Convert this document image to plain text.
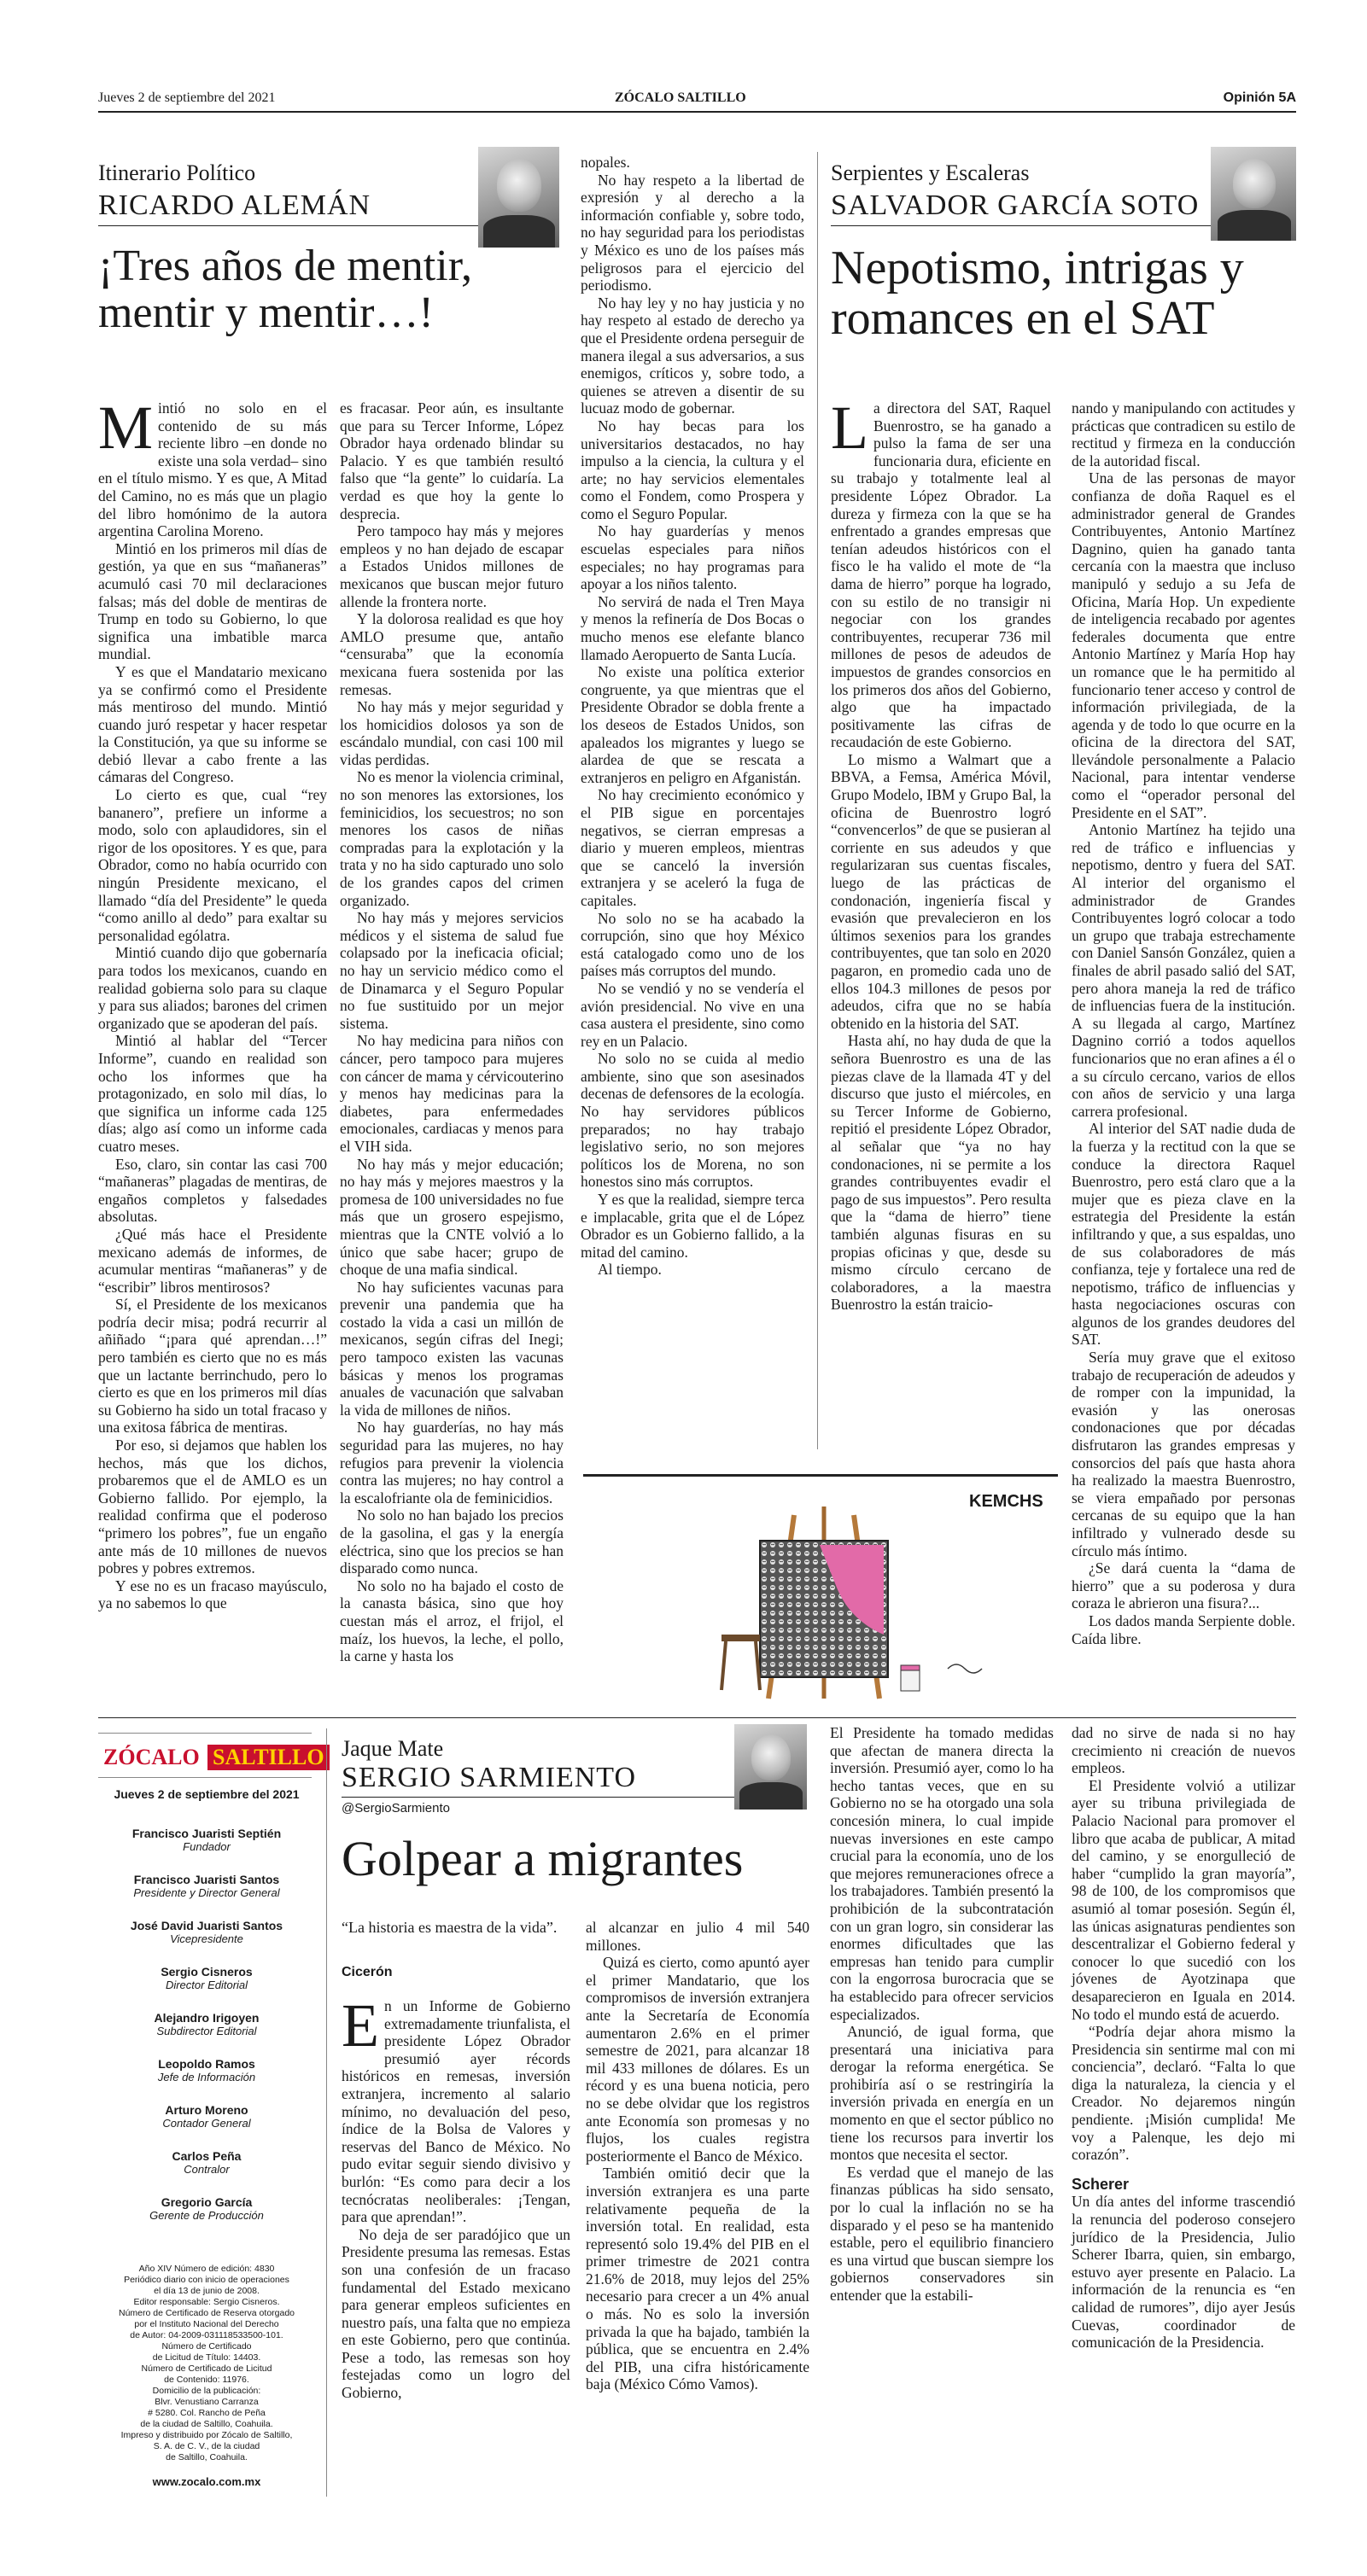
Jueves 2 de septiembre del 2021	ZÓCALO SALTILLO	Opinión 5A
Itinerario Político
RICARDO ALEMÁN
¡Tres años de mentir, mentir y mentir…!
M intió no solo en el contenido de su más reciente libro –en donde no existe una sola verdad– sino en el título mismo. Y es que, A Mitad del Camino, no es más que un plagio del libro homónimo de la autora argentina Carolina Moreno.

Mintió en los primeros mil días de gestión, ya que en sus “mañaneras” acumuló casi 70 mil declaraciones falsas; más del doble de mentiras de Trump en todo su Gobierno, lo que significa una imbatible marca mundial.

Y es que el Mandatario mexicano ya se confirmó como el Presidente más mentiroso del mundo. Mintió cuando juró respetar y hacer respetar la Constitución, ya que su informe se debió llevar a cabo frente a las cámaras del Congreso.

Lo cierto es que, cual “rey bananero”, prefiere un informe a modo, solo con aplaudidores, sin el rigor de los opositores. Y es que, para Obrador, como no había ocurrido con ningún Presidente mexicano, el llamado “día del Presidente” le queda “como anillo al dedo” para exaltar su personalidad ególatra.

Mintió cuando dijo que gobernaría para todos los mexicanos, cuando en realidad gobierna solo para su claque y para sus aliados; barones del crimen organizado que se apoderan del país.

Mintió al hablar del “Tercer Informe”, cuando en realidad son ocho los informes que ha protagonizado, en solo mil días, lo que significa un informe cada 125 días; algo así como un informe cada cuatro meses.

Eso, claro, sin contar las casi 700 “mañaneras” plagadas de mentiras, de engaños completos y falsedades absolutas.

¿Qué más hace el Presidente mexicano además de informes, de acumular mentiras “mañaneras” y de “escribir” libros mentirosos?

Sí, el Presidente de los mexicanos podría decir misa; podrá recurrir al añiñado “¡para qué aprendan…!” pero también es cierto que no es más que un lactante berrinchudo, pero lo cierto es que en los primeros mil días su Gobierno ha sido un total fracaso y una exitosa fábrica de mentiras.

Por eso, si dejamos que hablen los hechos, más que los dichos, probaremos que el de AMLO es un Gobierno fallido. Por ejemplo, la realidad confirma que el poderoso “primero los pobres”, fue un engaño ante más de 10 millones de nuevos pobres y pobres extremos.

Y ese no es un fracaso mayúsculo, ya no sabemos lo que

es fracasar. Peor aún, es insultante que para su Tercer Informe, López Obrador haya ordenado blindar su Palacio. Y es que también resultó falso que “la gente” lo cuidaría. La verdad es que hoy la gente lo desprecia.

Pero tampoco hay más y mejores empleos y no han dejado de escapar a Estados Unidos millones de mexicanos que buscan mejor futuro allende la frontera norte.

Y la dolorosa realidad es que hoy AMLO presume que, antaño “censuraba” que la economía mexicana fuera sostenida por las remesas.

No hay más y mejor seguridad y los homicidios dolosos ya son de escándalo mundial, con casi 100 mil vidas perdidas.

No es menor la violencia criminal, no son menores las extorsiones, los feminicidios, los secuestros; no son menores los casos de niñas compradas para la explotación y la trata y no ha sido capturado uno solo de los grandes capos del crimen organizado.

No hay más y mejores servicios médicos y el sistema de salud fue colapsado por la ineficacia oficial; no hay un servicio médico como el de Dinamarca y el Seguro Popular no fue sustituido por un mejor sistema.

No hay medicina para niños con cáncer, pero tampoco para mujeres con cáncer de mama y cérvicouterino y menos hay medicinas para la diabetes, para enfermedades emocionales, cardiacas y menos para el VIH sida.

No hay más y mejor educación; no hay más y mejores maestros y la promesa de 100 universidades no fue más que un grosero espejismo, mientras que la CNTE volvió a lo único que sabe hacer; grupo de choque de una mafia sindical.

No hay suficientes vacunas para prevenir una pandemia que ha costado la vida a casi un millón de mexicanos, según cifras del Inegi; pero tampoco existen las vacunas básicas y menos los programas anuales de vacunación que salvaban la vida de millones de niños.

No hay guarderías, no hay más seguridad para las mujeres, no hay refugios para prevenir la violencia contra las mujeres; no hay control a la escalofriante ola de feminicidios.

No solo no han bajado los precios de la gasolina, el gas y la energía eléctrica, sino que los precios se han disparado como nunca.

No solo no ha bajado el costo de la canasta básica, sino que hoy cuestan más el arroz, el frijol, el maíz, los huevos, la leche, el pollo, la carne y hasta los

nopales.

No hay respeto a la libertad de expresión y al derecho a la información confiable y, sobre todo, no hay seguridad para los periodistas y México es uno de los países más peligrosos para el ejercicio del periodismo.

No hay ley y no hay justicia y no hay respeto al estado de derecho ya que el Presidente ordena perseguir de manera ilegal a sus adversarios, a sus enemigos, críticos y, sobre todo, a quienes se atreven a disentir de su lucuaz modo de gobernar.

No hay becas para los universitarios destacados, no hay impulso a la ciencia, la cultura y el arte; no hay servicios elementales como el Fondem, como Prospera y como el Seguro Popular.

No hay guarderías y menos escuelas especiales para niños especiales; no hay programas para apoyar a los niños talento.

No servirá de nada el Tren Maya y menos la refinería de Dos Bocas o mucho menos ese elefante blanco llamado Aeropuerto de Santa Lucía.

No existe una política exterior congruente, ya que mientras que el Presidente Obrador se dobla frente a los deseos de Estados Unidos, son apaleados los migrantes y luego se alardea de que se rescata a extranjeros en peligro en Afganistán.

No hay crecimiento económico y el PIB sigue en porcentajes negativos, se cierran empresas a diario y mueren empleos, mientras que se canceló la inversión extranjera y se aceleró la fuga de capitales.

No solo no se ha acabado la corrupción, sino que hoy México está catalogado como uno de los países más corruptos del mundo.

No se vendió y no se vendería el avión presidencial. No vive en una casa austera el presidente, sino como rey en un Palacio.

No solo no se cuida al medio ambiente, sino que son asesinados decenas de defensores de la ecología. No hay servidores públicos preparados; no hay trabajo legislativo serio, no son mejores políticos los de Morena, no son honestos sino más corruptos.

Y es que la realidad, siempre terca e implacable, grita que el de López Obrador es un Gobierno fallido, a la mitad del camino.

Al tiempo.

Serpientes y Escaleras
SALVADOR GARCÍA SOTO
Nepotismo, intrigas y romances en el SAT
L a directora del SAT, Raquel Buenrostro, se ha ganado a pulso la fama de ser una funcionaria dura, eficiente en su trabajo y totalmente leal al presidente López Obrador. La dureza y firmeza con la que se ha enfrentado a grandes empresas que tenían adeudos históricos con el fisco le ha valido el mote de “la dama de hierro” porque ha logrado, con su estilo de no transigir ni negociar con los grandes contribuyentes, recuperar 736 mil millones de pesos de adeudos de impuestos de grandes consorcios en los primeros dos años del Gobierno, algo que ha impactado positivamente las cifras de recaudación de este Gobierno.

Lo mismo a Walmart que a BBVA, a Femsa, América Móvil, Grupo Modelo, IBM y Grupo Bal, la oficina de Buenrostro logró “convencerlos” de que se pusieran al corriente en sus adeudos y que regularizaran sus cuentas fiscales, luego de las prácticas de condonación, ingeniería fiscal y evasión que prevalecieron en los últimos sexenios para los grandes contribuyentes, que tan solo en 2020 pagaron, en promedio cada uno de ellos 104.3 millones de pesos por adeudos, cifra que no se había obtenido en la historia del SAT.

Hasta ahí, no hay duda de que la señora Buenrostro es una de las piezas clave de la llamada 4T y del discurso que justo el miércoles, en su Tercer Informe de Gobierno, repitió el presidente López Obrador, al señalar que “ya no hay condonaciones, ni se permite a los grandes contribuyentes evadir el pago de sus impuestos”. Pero resulta que la “dama de hierro” tiene también algunas fisuras en su propias oficinas y que, desde su mismo círculo cercano de colaboradores, a la maestra Buenrostro la están traicio-

nando y manipulando con actitudes y prácticas que contradicen su estilo de rectitud y firmeza en la conducción de la autoridad fiscal.

Una de las personas de mayor confianza de doña Raquel es el administrador general de Grandes Contribuyentes, Antonio Martínez Dagnino, quien ha ganado tanta cercanía con la maestra que incluso manipuló y sedujo a su Jefa de Oficina, María Hop. Un expediente de inteligencia recabado por agentes federales documenta que entre Antonio Martínez y María Hop hay un romance que le ha permitido al funcionario tener acceso y control de información privilegiada, de la agenda y de todo lo que ocurre en la oficina de la directora del SAT, llevándole personalmente a Palacio Nacional, para intentar venderse como el “operador personal del Presidente en el SAT”.

Antonio Martínez ha tejido una red de tráfico e influencias y nepotismo, dentro y fuera del SAT. Al interior del organismo el administrador de Grandes Contribuyentes logró colocar a todo un grupo que trabaja estrechamente con Daniel Sansón González, quien a finales de abril pasado salió del SAT, pero ahora maneja la red de tráfico de influencias fuera de la institución. A su llegada al cargo, Martínez Dagnino corrió a todos aquellos funcionarios que no eran afines a él o a su círculo cercano, varios de ellos con años de servicio y una larga carrera profesional.

Al interior del SAT nadie duda de la fuerza y la rectitud con la que se conduce la directora Raquel Buenrostro, pero está claro que a la mujer que es pieza clave en la estrategia del Presidente la están infiltrando y que, a sus espaldas, uno de sus colaboradores de más confianza, teje y fortalece una red de nepotismo, tráfico de influencias y hasta negociaciones oscuras con algunos de los grandes deudores del SAT.

Sería muy grave que el exitoso trabajo de recuperación de adeudos y de romper con la impunidad, la evasión y las onerosas condonaciones que por décadas disfrutaron las grandes empresas y consorcios del país que hasta ahora ha realizado la maestra Buenrostro, se viera empañado por personas cercanas de su equipo que la han infiltrado y vulnerado desde su círculo más íntimo.

¿Se dará cuenta la “dama de hierro” que a su poderosa y dura coraza le abrieron una fisura?...

Los dados manda Serpiente doble. Caída libre.

KEMCHS
ZÓCALO SALTILLO
Jueves 2 de septiembre del 2021
Francisco Juaristi Septién
Fundador
Francisco Juaristi Santos
Presidente y Director General
José David Juaristi Santos
Vicepresidente
Sergio Cisneros
Director Editorial
Alejandro Irigoyen
Subdirector Editorial
Leopoldo Ramos
Jefe de Información
Arturo Moreno
Contador General
Carlos Peña
Contralor
Gregorio García
Gerente de Producción
Año XIV Número de edición: 4830
Periódico diario con inicio de operaciones
el día 13 de junio de 2008.
Editor responsable: Sergio Cisneros.
Número de Certificado de Reserva otorgado
por el Instituto Nacional del Derecho
de Autor: 04-2009-031118533500-101.
Número de Certificado
de Licitud de Título: 14403.
Número de Certificado de Licitud
de Contenido: 11976.
Domicilio de la publicación:
Blvr. Venustiano Carranza
# 5280. Col. Rancho de Peña
de la ciudad de Saltillo, Coahuila.
Impreso y distribuido por Zócalo de Saltillo,
S. A. de C. V., de la ciudad
de Saltillo, Coahuila.
www.zocalo.com.mx
Jaque Mate
SERGIO SARMIENTO
@SergioSarmiento
Golpear a migrantes

“La historia es maestra de la vida”.

Cicerón
E n un Informe de Gobierno extremadamente triunfalista, el presidente López Obrador presumió ayer récords históricos en remesas, inversión extranjera, incremento al salario mínimo, no devaluación del peso, índice de la Bolsa de Valores y reservas del Banco de México. No pudo evitar seguir siendo divisivo y burlón: “Es como para decir a los tecnócratas neoliberales: ¡Tengan, para que aprendan!”.

No deja de ser paradójico que un Presidente presuma las remesas. Estas son una confesión de un fracaso fundamental del Estado mexicano para generar empleos suficientes en nuestro país, una falta que no empieza en este Gobierno, pero que continúa. Pese a todo, las remesas son hoy festejadas como un logro del Gobierno,

al alcanzar en julio 4 mil 540 millones.

Quizá es cierto, como apuntó ayer el primer Mandatario, que los compromisos de inversión extranjera ante la Secretaría de Economía aumentaron 2.6% en el primer semestre de 2021, para alcanzar 18 mil 433 millones de dólares. Es un récord y es una buena noticia, pero no se debe olvidar que los registros ante Economía son promesas y no flujos, los cuales registra posteriormente el Banco de México.

También omitió decir que la inversión extranjera es una parte relativamente pequeña de la inversión total. En realidad, esta representó solo 19.4% del PIB en el primer trimestre de 2021 contra 21.6% de 2018, muy lejos del 25% necesario para crecer a un 4% anual o más. No es solo la inversión privada la que ha bajado, también la pública, que se encuentra en 2.4% del PIB, una cifra históricamente baja (México Cómo Vamos).

El Presidente ha tomado medidas que afectan de manera directa la inversión. Presumió ayer, como lo ha hecho tantas veces, que en su Gobierno no se ha otorgado una sola concesión minera, lo cual impide nuevas inversiones en este campo crucial para la economía, uno de los que mejores remuneraciones ofrece a los trabajadores. También presentó la prohibición de la subcontratación con un gran logro, sin considerar las enormes dificultades que las empresas han tenido para cumplir con la engorrosa burocracia que se ha establecido para ofrecer servicios especializados.

Anunció, de igual forma, que presentará una iniciativa para derogar la reforma energética. Se prohibiría así o se restringiría la inversión privada en energía en un momento en que el sector público no tiene los recursos para invertir los montos que necesita el sector.

Es verdad que el manejo de las finanzas públicas ha sido sensato, por lo cual la inflación no se ha disparado y el peso se ha mantenido estable, pero el equilibrio financiero es una virtud que buscan siempre los gobiernos conservadores sin entender que la estabili-

dad no sirve de nada si no hay crecimiento ni creación de nuevos empleos.

El Presidente volvió a utilizar ayer su tribuna privilegiada de Palacio Nacional para promover el libro que acaba de publicar, A mitad del camino, y se enorgulleció de haber “cumplido la gran mayoría”, 98 de 100, de los compromisos que asumió al tomar posesión. Según él, las únicas asignaturas pendientes son descentralizar el Gobierno federal y conocer lo que sucedió con los jóvenes de Ayotzinapa que desaparecieron en Iguala en 2014. No todo el mundo está de acuerdo.

“Podría dejar ahora mismo la Presidencia sin sentirme mal con mi conciencia”, declaró. “Falta lo que diga la naturaleza, la ciencia y el Creador. No dejaremos ningún pendiente. ¡Misión cumplida! Me voy a Palenque, les dejo mi corazón”.

Scherer

Un día antes del informe trascendió la renuncia del poderoso consejero jurídico de la Presidencia, Julio Scherer Ibarra, quien, sin embargo, estuvo ayer presente en Palacio. La información de la renuncia es “en calidad de rumores”, dijo ayer Jesús Cuevas, coordinador de comunicación de la Presidencia.
